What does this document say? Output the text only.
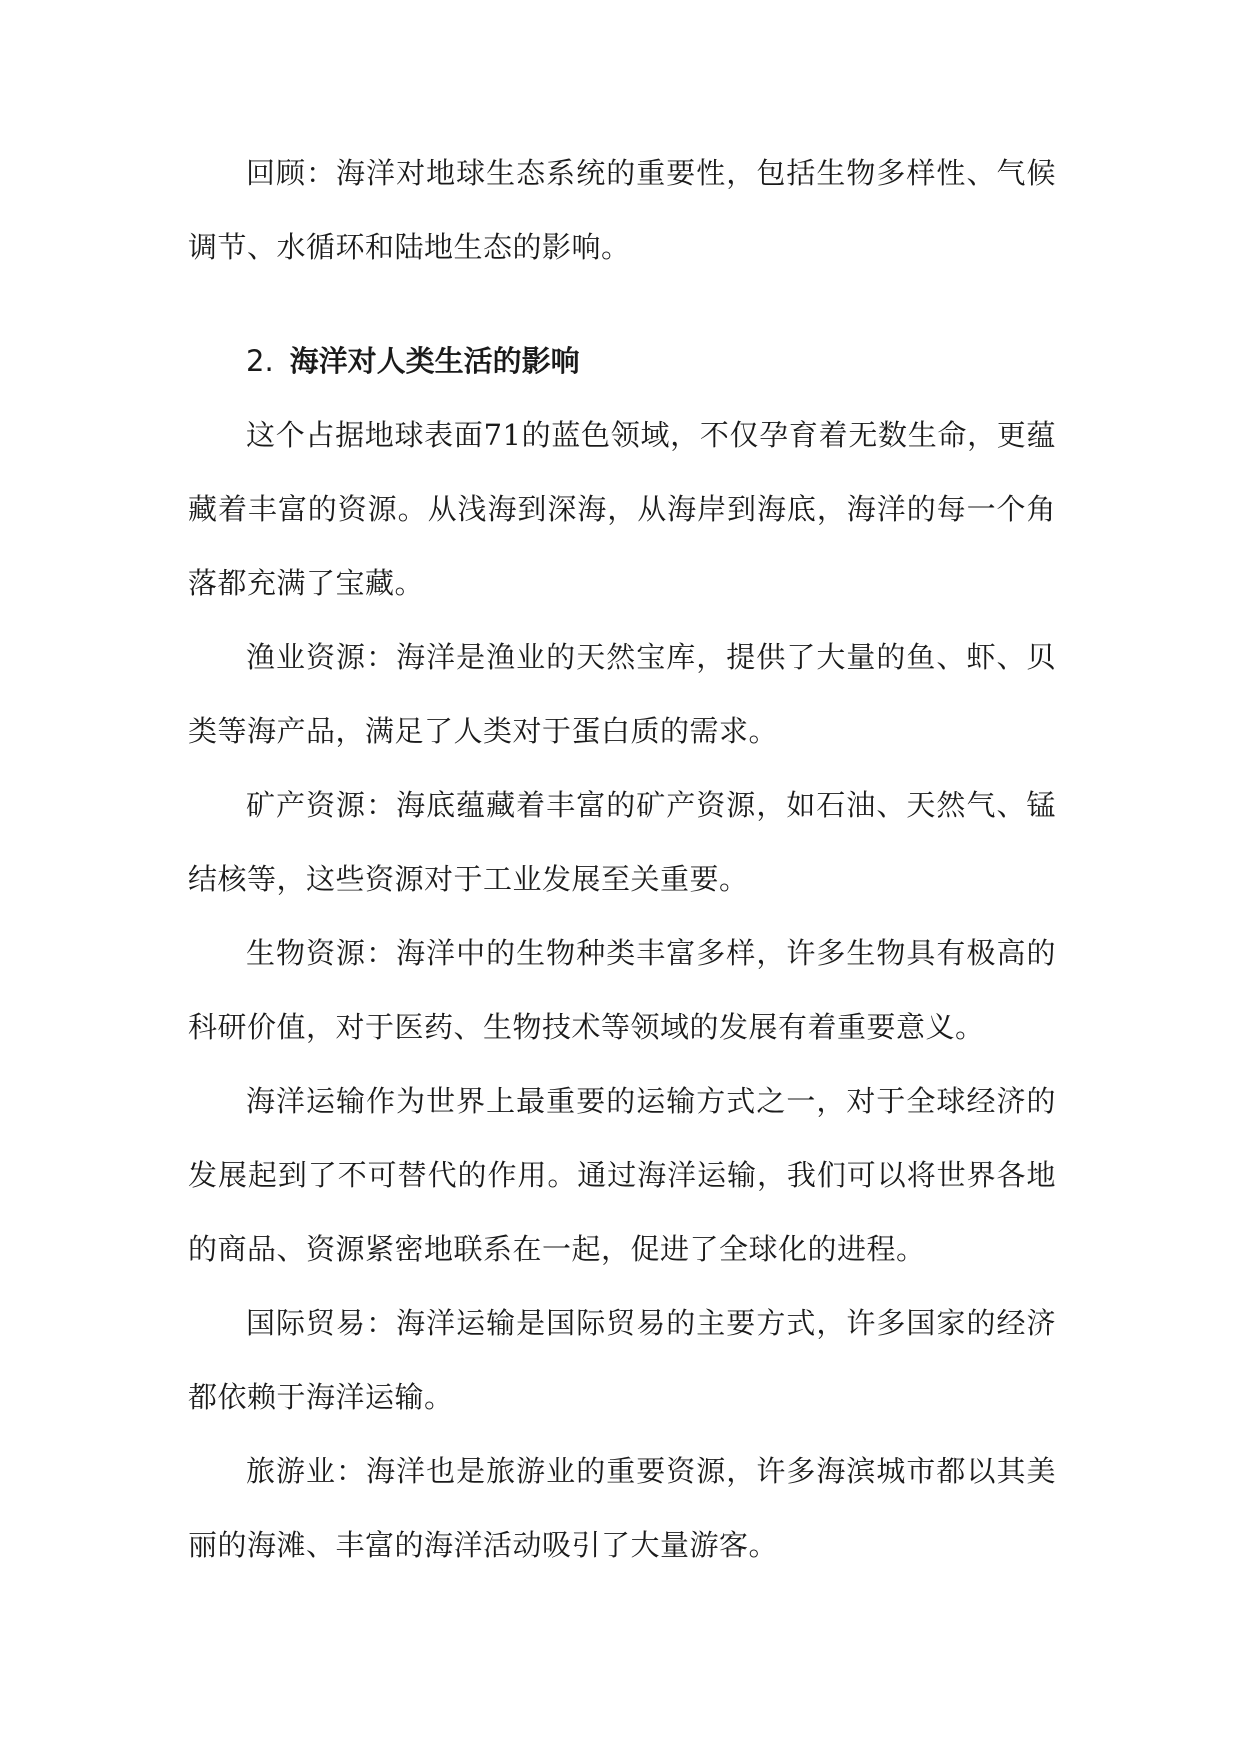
回顾：海洋对地球生态系统的重要性，包括生物多样性、气候调节、水循环和陆地生态的影响。

2. 海洋对人类生活的影响

这个占据地球表面71的蓝色领域，不仅孕育着无数生命，更蕴藏着丰富的资源。从浅海到深海，从海岸到海底，海洋的每一个角落都充满了宝藏。

渔业资源：海洋是渔业的天然宝库，提供了大量的鱼、虾、贝类等海产品，满足了人类对于蛋白质的需求。

矿产资源：海底蕴藏着丰富的矿产资源，如石油、天然气、锰结核等，这些资源对于工业发展至关重要。

生物资源：海洋中的生物种类丰富多样，许多生物具有极高的科研价值，对于医药、生物技术等领域的发展有着重要意义。

海洋运输作为世界上最重要的运输方式之一，对于全球经济的发展起到了不可替代的作用。通过海洋运输，我们可以将世界各地的商品、资源紧密地联系在一起，促进了全球化的进程。

国际贸易：海洋运输是国际贸易的主要方式，许多国家的经济都依赖于海洋运输。

旅游业：海洋也是旅游业的重要资源，许多海滨城市都以其美丽的海滩、丰富的海洋活动吸引了大量游客。
